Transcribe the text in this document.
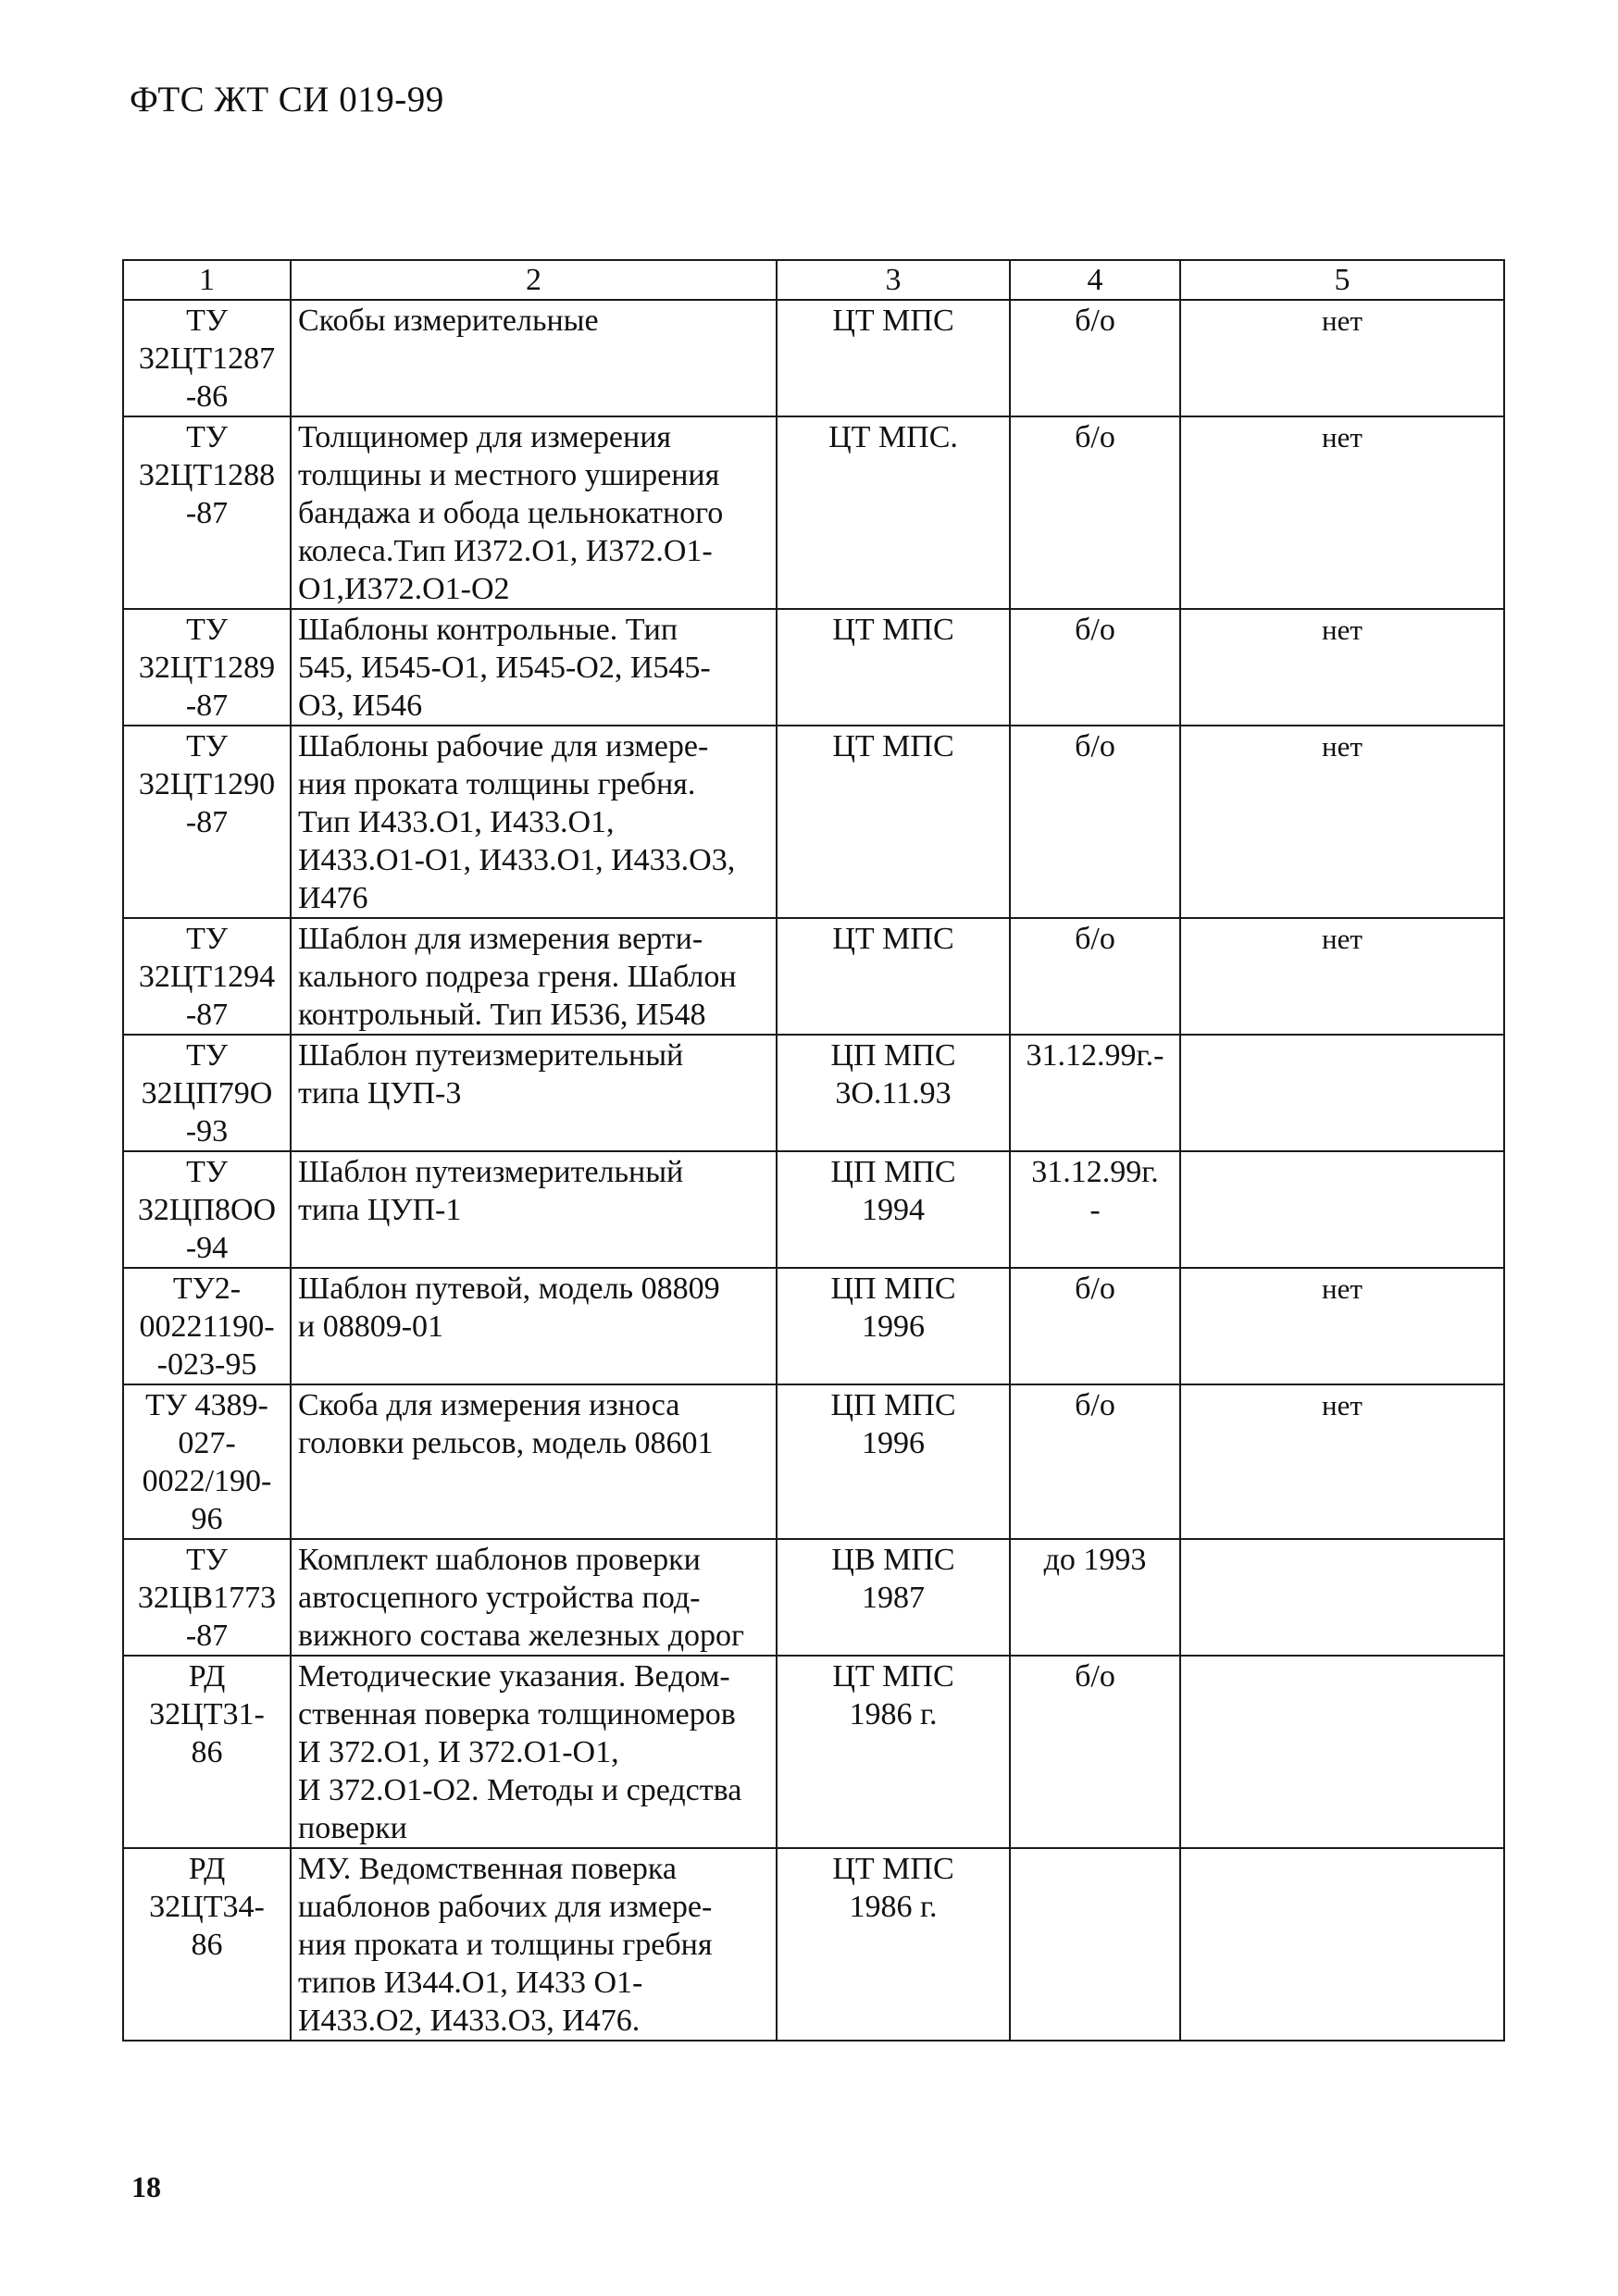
ФТС ЖТ СИ 019-99
1	2	3	4	5

ТУ
32ЦТ1287
-86	Скобы измерительные	ЦТ МПС	б/о	нет

ТУ
32ЦТ1288
-87	Толщиномер для измерения
толщины и местного уширения
бандажа и обода цельнокатного
колеса.Тип И372.О1, И372.О1-
О1,И372.О1-О2	ЦТ МПС.	б/о	нет

ТУ
32ЦТ1289
-87	Шаблоны контрольные. Тип
545, И545-О1, И545-О2, И545-
О3, И546	ЦТ МПС	б/о	нет

ТУ
32ЦТ1290
-87	Шаблоны рабочие для измере-
ния проката толщины гребня.
Тип И433.О1, И433.О1,
И433.О1-О1, И433.О1, И433.О3,
И476	ЦТ МПС	б/о	нет

ТУ
32ЦТ1294
-87	Шаблон для измерения верти-
кального подреза греня. Шаблон
контрольный. Тип И536, И548	ЦТ МПС	б/о	нет

ТУ
32ЦП79О
-93	Шаблон путеизмерительный
типа ЦУП-3	ЦП МПС
3О.11.93	31.12.99г.-	

ТУ
32ЦП8ОО
-94	Шаблон путеизмерительный
типа ЦУП-1	ЦП МПС
1994	31.12.99г.
-	

ТУ2-
00221190-
-023-95	Шаблон путевой, модель 08809
и 08809-01	ЦП МПС
1996	б/о	нет

ТУ 4389-
027-
0022/190-
96	Скоба для измерения износа
головки рельсов, модель 08601	ЦП МПС
1996	б/о	нет

ТУ
32ЦВ1773
-87	Комплект шаблонов проверки
автосцепного устройства под-
вижного состава железных дорог	ЦВ МПС
1987	до 1993	

РД
32ЦТ31-
86	Методические указания. Ведом-
ственная поверка толщиномеров
И 372.О1, И 372.О1-О1,
И 372.О1-О2. Методы и средства
поверки	ЦТ МПС
1986 г.	б/о	

РД
32ЦТ34-
86	МУ. Ведомственная поверка
шаблонов рабочих для измере-
ния проката и толщины гребня
типов И344.О1, И433 О1-
И433.О2, И433.О3, И476.	ЦТ МПС
1986 г.		

18
